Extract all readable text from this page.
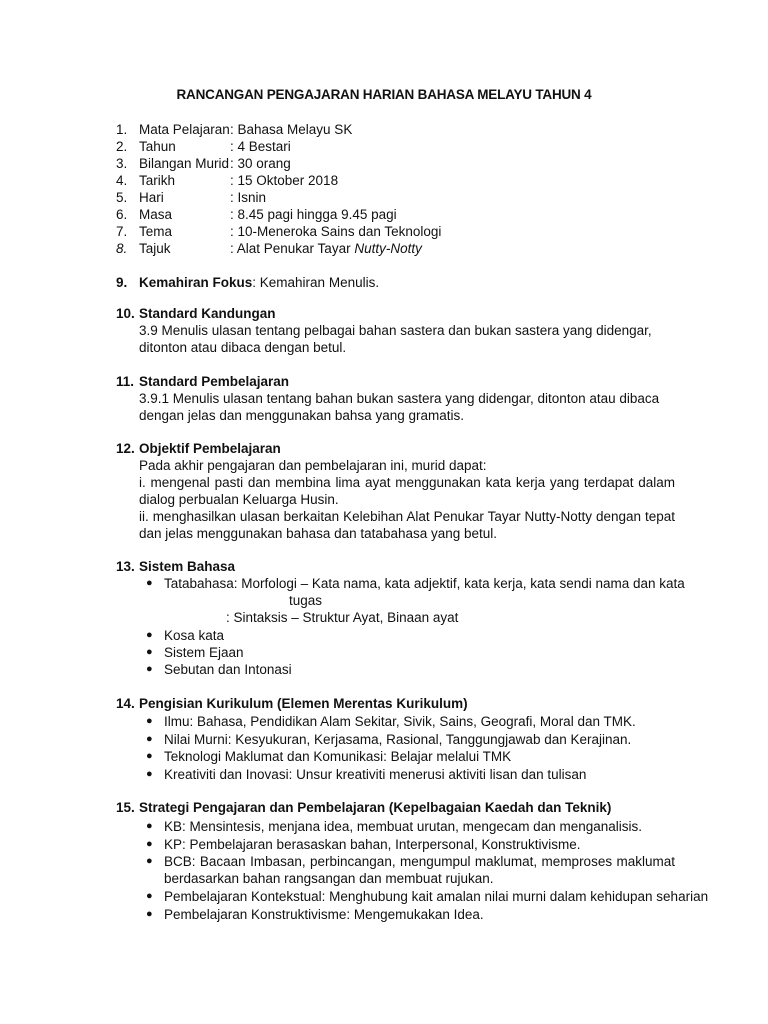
RANCANGAN PENGAJARAN HARIAN BAHASA MELAYU TAHUN 4
1. Mata Pelajaran : Bahasa Melayu SK
2. Tahun	: 4 Bestari
3. Bilangan Murid : 30 orang
4. Tarikh	: 15 Oktober 2018
5. Hari	: Isnin
6. Masa	: 8.45 pagi hingga 9.45 pagi
7. Tema	: 10-Meneroka Sains dan Teknologi
8. Tajuk	: Alat Penukar Tayar Nutty-Notty
9. Kemahiran Fokus: Kemahiran Menulis.
10. Standard Kandungan
3.9 Menulis ulasan tentang pelbagai bahan sastera dan bukan sastera yang didengar, ditonton atau dibaca dengan betul.
11. Standard Pembelajaran
3.9.1 Menulis ulasan tentang bahan bukan sastera yang didengar, ditonton atau dibaca
dengan jelas dan menggunakan bahsa yang gramatis.
12. Objektif Pembelajaran
Pada akhir pengajaran dan pembelajaran ini, murid dapat:
i. mengenal pasti dan membina lima ayat menggunakan kata kerja yang terdapat dalam dialog perbualan Keluarga Husin.
ii. menghasilkan ulasan berkaitan Kelebihan Alat Penukar Tayar Nutty-Notty dengan tepat dan jelas menggunakan bahasa dan tatabahasa yang betul.
13. Sistem Bahasa
● Tatabahasa: Morfologi – Kata nama, kata adjektif, kata kerja, kata sendi nama dan kata
tugas
: Sintaksis – Struktur Ayat, Binaan ayat
● Kosa kata
● Sistem Ejaan
● Sebutan dan Intonasi
14. Pengisian Kurikulum (Elemen Merentas Kurikulum)
● Ilmu: Bahasa, Pendidikan Alam Sekitar, Sivik, Sains, Geografi, Moral dan TMK.
● Nilai Murni: Kesyukuran, Kerjasama, Rasional, Tanggungjawab dan Kerajinan.
● Teknologi Maklumat dan Komunikasi: Belajar melalui TMK
● Kreativiti dan Inovasi: Unsur kreativiti menerusi aktiviti lisan dan tulisan
15. Strategi Pengajaran dan Pembelajaran (Kepelbagaian Kaedah dan Teknik)
● KB: Mensintesis, menjana idea, membuat urutan, mengecam dan menganalisis.
● KP: Pembelajaran berasaskan bahan, Interpersonal, Konstruktivisme.
● BCB: Bacaan Imbasan, perbincangan, mengumpul maklumat, memproses maklumat berdasarkan bahan rangsangan dan membuat rujukan.
● Pembelajaran Kontekstual: Menghubung kait amalan nilai murni dalam kehidupan seharian
● Pembelajaran Konstruktivisme: Mengemukakan Idea.
